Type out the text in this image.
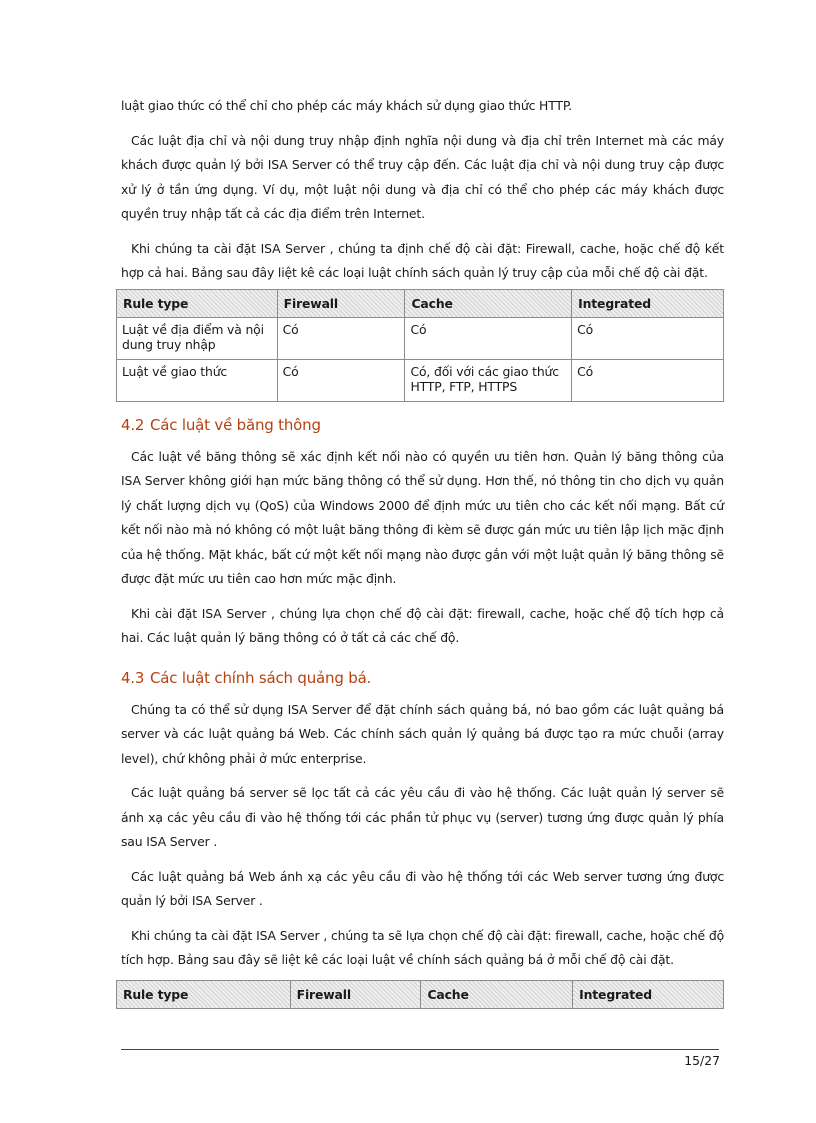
luật giao thức có thể chỉ cho phép các máy khách sử dụng giao thức HTTP.

Các luật địa chỉ và nội dung truy nhập định nghĩa nội dung và địa chỉ trên Internet mà các máy khách được quản lý bởi ISA Server có thể truy cập đến. Các luật địa chỉ và nội dung truy cập được xử lý ở tần ứng dụng. Ví dụ, một luật nội dung và địa chỉ có thể cho phép các máy khách được quyền truy nhập tất cả các địa điểm trên Internet.

Khi chúng ta cài đặt ISA Server , chúng ta định chế độ cài đặt: Firewall, cache, hoặc chế độ kết hợp cả hai. Bảng sau đây liệt kê các loại luật chính sách quản lý truy cập của mỗi chế độ cài đặt.

Rule type	Firewall	Cache	Integrated
Luật về địa điểm và nội dung truy nhập	Có	Có	Có
Luật về giao thức	Có	Có, đối với các giao thức HTTP, FTP, HTTPS	Có
4.2 Các luật về băng thông

Các luật về băng thông sẽ xác định kết nối nào có quyền ưu tiên hơn. Quản lý băng thông của ISA Server không giới hạn mức băng thông có thể sử dụng. Hơn thế, nó thông tin cho dịch vụ quản lý chất lượng dịch vụ (QoS) của Windows 2000 để định mức ưu tiên cho các kết nối mạng. Bất cứ kết nối nào mà nó không có một luật băng thông đi kèm sẽ được gán mức ưu tiên lập lịch mặc định của hệ thống. Mặt khác, bất cứ một kết nối mạng nào được gắn với một luật quản lý băng thông sẽ được đặt mức ưu tiên cao hơn mức mặc định.

Khi cài đặt ISA Server , chúng lựa chọn chế độ cài đặt: firewall, cache, hoặc chế độ tích hợp cả hai. Các luật quản lý băng thông có ở tất cả các chế độ.

4.3 Các luật chính sách quảng bá.

Chúng ta có thể sử dụng ISA Server để đặt chính sách quảng bá, nó bao gồm các luật quảng bá server và các luật quảng bá Web. Các chính sách quản lý quảng bá được tạo ra mức chuỗi (array level), chứ không phải ở mức enterprise.

Các luật quảng bá server sẽ lọc tất cả các yêu cầu đi vào hệ thống. Các luật quản lý server sẽ ánh xạ các yêu cầu đi vào hệ thống tới các phần tử phục vụ (server) tương ứng được quản lý phía sau ISA Server .

Các luật quảng bá Web ánh xạ các yêu cầu đi vào hệ thống tới các Web server tương ứng được quản lý bởi ISA Server .

Khi chúng ta cài đặt ISA Server , chúng ta sẽ lựa chọn chế độ cài đặt: firewall, cache, hoặc chế độ tích hợp. Bảng sau đây sẽ liệt kê các loại luật về chính sách quảng bá ở mỗi chế độ cài đặt.

Rule type	Firewall	Cache	Integrated
15/27
